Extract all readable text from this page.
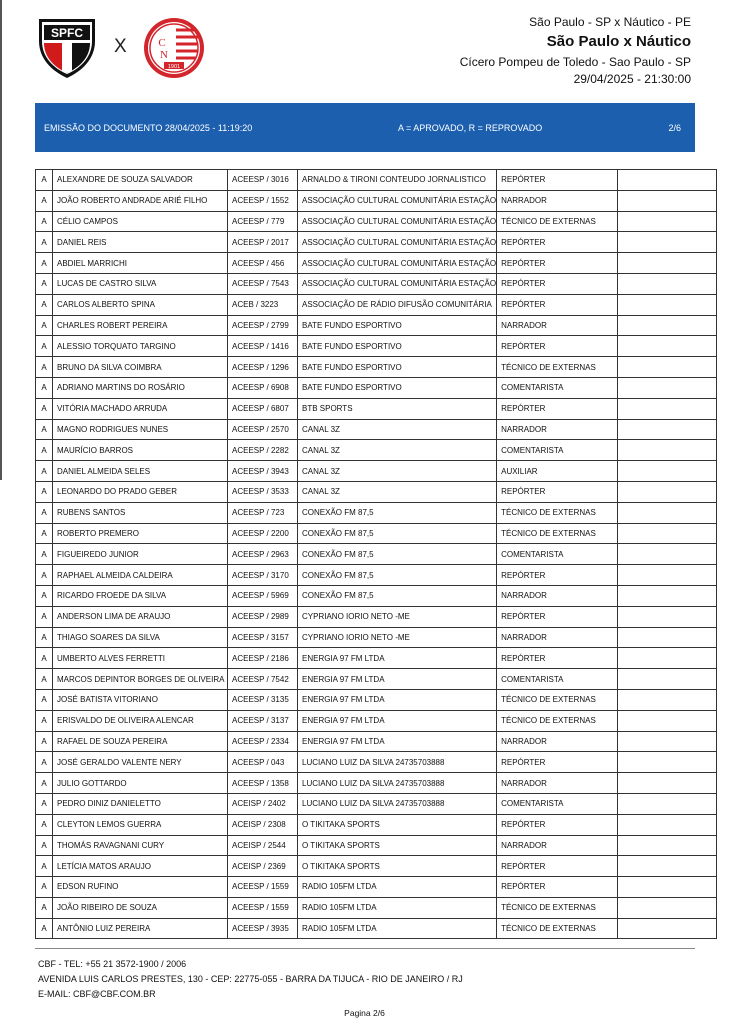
SPFC
X	C
N
1901
São Paulo - SP x Náutico - PE
São Paulo x Náutico
Cícero Pompeu de Toledo - Sao Paulo - SP
29/04/2025 - 21:30:00
EMISSÃO DO DOCUMENTO 28/04/2025 - 11:19:20	A = APROVADO, R = REPROVADO	2/6
A	ALEXANDRE DE SOUZA SALVADOR	ACEESP / 3016	ARNALDO & TIRONI CONTEUDO JORNALISTICO	REPÓRTER	
A	JOÃO ROBERTO ANDRADE ARIÉ FILHO	ACEESP / 1552	ASSOCIAÇÃO CULTURAL COMUNITÁRIA ESTAÇÃO	NARRADOR	
A	CÉLIO CAMPOS	ACEESP / 779	ASSOCIAÇÃO CULTURAL COMUNITÁRIA ESTAÇÃO	TÉCNICO DE EXTERNAS	
A	DANIEL REIS	ACEESP / 2017	ASSOCIAÇÃO CULTURAL COMUNITÁRIA ESTAÇÃO	REPÓRTER	
A	ABDIEL MARRICHI	ACEESP / 456	ASSOCIAÇÃO CULTURAL COMUNITÁRIA ESTAÇÃO	REPÓRTER	
A	LUCAS DE CASTRO SILVA	ACEESP / 7543	ASSOCIAÇÃO CULTURAL COMUNITÁRIA ESTAÇÃO	REPÓRTER	
A	CARLOS ALBERTO SPINA	ACEB / 3223	ASSOCIAÇÃO DE RÁDIO DIFUSÃO COMUNITÁRIA	REPÓRTER	
A	CHARLES ROBERT PEREIRA	ACEESP / 2799	BATE FUNDO ESPORTIVO	NARRADOR	
A	ALESSIO TORQUATO TARGINO	ACEESP / 1416	BATE FUNDO ESPORTIVO	REPÓRTER	
A	BRUNO DA SILVA COIMBRA	ACEESP / 1296	BATE FUNDO ESPORTIVO	TÉCNICO DE EXTERNAS	
A	ADRIANO MARTINS DO ROSÁRIO	ACEESP / 6908	BATE FUNDO ESPORTIVO	COMENTARISTA	
A	VITÓRIA MACHADO ARRUDA	ACEESP / 6807	BTB SPORTS	REPÓRTER	
A	MAGNO RODRIGUES NUNES	ACEESP / 2570	CANAL 3Z	NARRADOR	
A	MAURÍCIO BARROS	ACEESP / 2282	CANAL 3Z	COMENTARISTA	
A	DANIEL ALMEIDA SELES	ACEESP / 3943	CANAL 3Z	AUXILIAR	
A	LEONARDO DO PRADO GEBER	ACEESP / 3533	CANAL 3Z	REPÓRTER	
A	RUBENS SANTOS	ACEESP / 723	CONEXÃO FM 87,5	TÉCNICO DE EXTERNAS	
A	ROBERTO PREMERO	ACEESP / 2200	CONEXÃO FM 87,5	TÉCNICO DE EXTERNAS	
A	FIGUEIREDO JUNIOR	ACEESP / 2963	CONEXÃO FM 87,5	COMENTARISTA	
A	RAPHAEL ALMEIDA CALDEIRA	ACEESP / 3170	CONEXÃO FM 87,5	REPÓRTER	
A	RICARDO FROEDE DA SILVA	ACEESP / 5969	CONEXÃO FM 87,5	NARRADOR	
A	ANDERSON LIMA DE ARAUJO	ACEESP / 2989	CYPRIANO IORIO NETO -ME	REPÓRTER	
A	THIAGO SOARES DA SILVA	ACEESP / 3157	CYPRIANO IORIO NETO -ME	NARRADOR	
A	UMBERTO ALVES FERRETTI	ACEESP / 2186	ENERGIA 97 FM LTDA	REPÓRTER	
A	MARCOS DEPINTOR BORGES DE OLIVEIRA	ACEESP / 7542	ENERGIA 97 FM LTDA	COMENTARISTA	
A	JOSÉ BATISTA VITORIANO	ACEESP / 3135	ENERGIA 97 FM LTDA	TÉCNICO DE EXTERNAS	
A	ERISVALDO DE OLIVEIRA ALENCAR	ACEESP / 3137	ENERGIA 97 FM LTDA	TÉCNICO DE EXTERNAS	
A	RAFAEL DE SOUZA PEREIRA	ACEESP / 2334	ENERGIA 97 FM LTDA	NARRADOR	
A	JOSÉ GERALDO VALENTE NERY	ACEESP / 043	LUCIANO LUIZ DA SILVA 24735703888	REPÓRTER	
A	JULIO GOTTARDO	ACEESP / 1358	LUCIANO LUIZ DA SILVA 24735703888	NARRADOR	
A	PEDRO DINIZ DANIELETTO	ACEISP / 2402	LUCIANO LUIZ DA SILVA 24735703888	COMENTARISTA	
A	CLEYTON LEMOS GUERRA	ACEISP / 2308	O TIKITAKA SPORTS	REPÓRTER	
A	THOMÁS RAVAGNANI CURY	ACEISP / 2544	O TIKITAKA SPORTS	NARRADOR	
A	LETÍCIA MATOS ARAUJO	ACEISP / 2369	O TIKITAKA SPORTS	REPÓRTER	
A	EDSON RUFINO	ACEESP / 1559	RADIO 105FM LTDA	REPÓRTER	
A	JOÃO RIBEIRO DE SOUZA	ACEESP / 1559	RADIO 105FM LTDA	TÉCNICO DE EXTERNAS	
A	ANTÔNIO LUIZ PEREIRA	ACEESP / 3935	RADIO 105FM LTDA	TÉCNICO DE EXTERNAS	
CBF - TEL: +55 21 3572-1900 / 2006
AVENIDA LUIS CARLOS PRESTES, 130 - CEP: 22775-055 - BARRA DA TIJUCA - RIO DE JANEIRO / RJ
E-MAIL: CBF@CBF.COM.BR
Pagina 2/6
